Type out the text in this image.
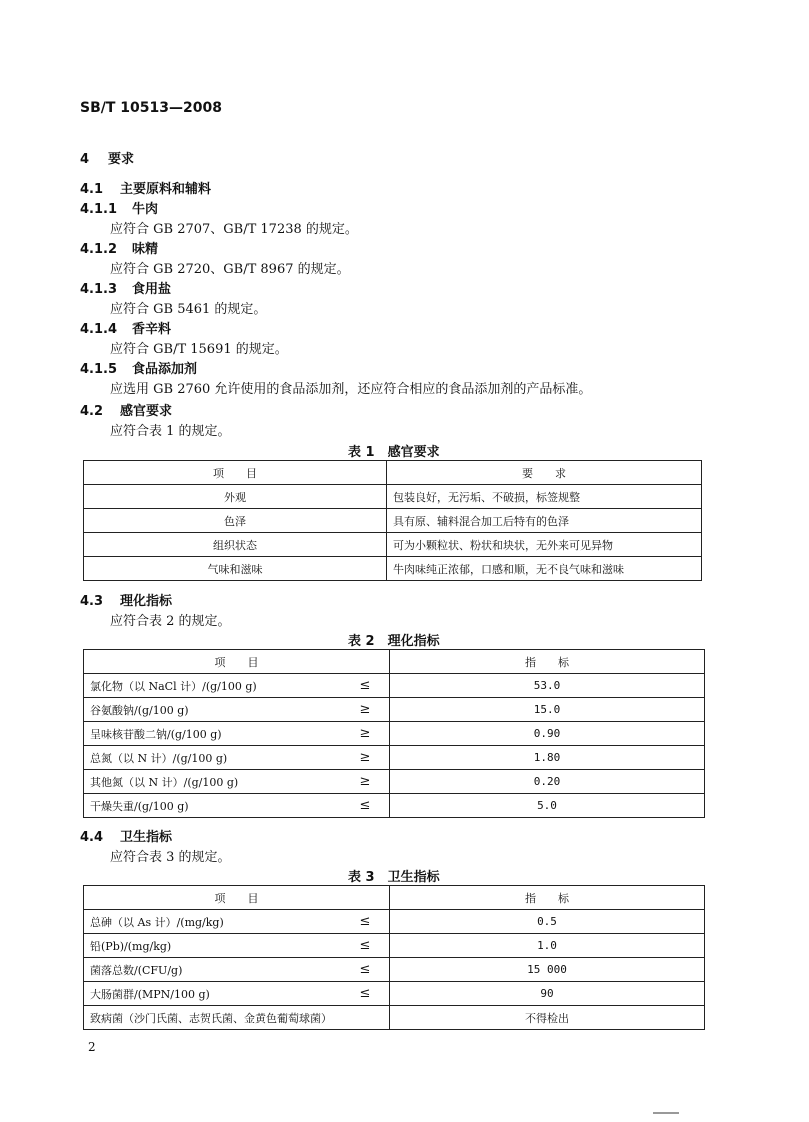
SB/T 10513—2008
4 要求
4.1 主要原料和辅料
4.1.1 牛肉
应符合 GB 2707、GB/T 17238 的规定。
4.1.2 味精
应符合 GB 2720、GB/T 8967 的规定。
4.1.3 食用盐
应符合 GB 5461 的规定。
4.1.4 香辛料
应符合 GB/T 15691 的规定。
4.1.5 食品添加剂
应选用 GB 2760 允许使用的食品添加剂，还应符合相应的食品添加剂的产品标准。
4.2 感官要求
应符合表 1 的规定。
表 1　感官要求
项　　目	要　　求
外观	包装良好，无污垢、不破损，标签规整
色泽	具有原、辅料混合加工后特有的色泽
组织状态	可为小颗粒状、粉状和块状，无外来可见异物
气味和滋味	牛肉味纯正浓郁，口感和顺，无不良气味和滋味
4.3 理化指标
应符合表 2 的规定。
表 2　理化指标
项　　目		指　　标
氯化物（以 NaCl 计）/(g/100 g)	≤	53.0
谷氨酸钠/(g/100 g)	≥	15.0
呈味核苷酸二钠/(g/100 g)	≥	0.90
总氮（以 N 计）/(g/100 g)	≥	1.80
其他氮（以 N 计）/(g/100 g)	≥	0.20
干燥失重/(g/100 g)	≤	5.0
4.4 卫生指标
应符合表 3 的规定。
表 3　卫生指标
项　　目		指　　标
总砷（以 As 计）/(mg/kg)	≤	0.5
铅(Pb)/(mg/kg)	≤	1.0
菌落总数/(CFU/g)	≤	15 000
大肠菌群/(MPN/100 g)	≤	90
致病菌（沙门氏菌、志贺氏菌、金黄色葡萄球菌）		不得检出
2
